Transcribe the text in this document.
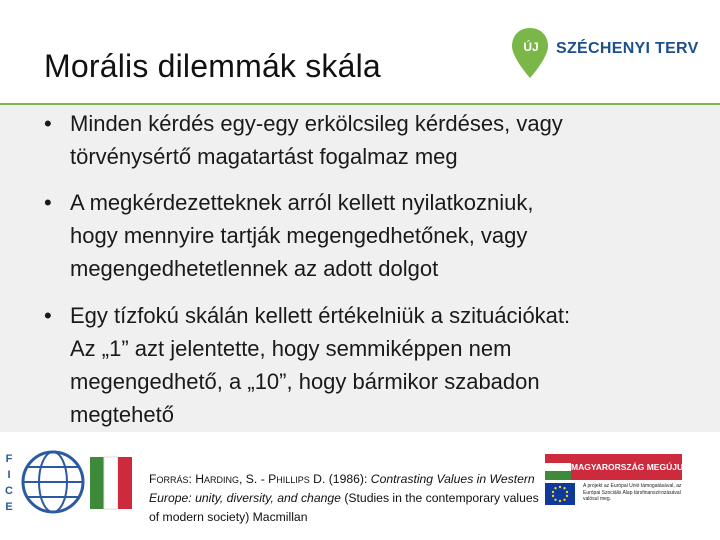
Morális dilemmák skála
ÚJ	SZÉCHENYI TERV
• Minden kérdés egy-egy erkölcsileg kérdéses, vagy
törvénysértő magatartást fogalmaz meg
• A megkérdezetteknek arról kellett nyilatkozniuk,
hogy mennyire tartják megengedhetőnek, vagy
megengedhetetlennek az adott dolgot
• Egy tízfokú skálán kellett értékelniük a szituációkat:
Az „1” azt jelentette, hogy semmiképpen nem
megengedhető, a „10”, hogy bármikor szabadon
megtehető
F
I
C
E
Forrás: Harding, S. - Phillips D. (1986): Contrasting Values in Western Europe: unity, diversity, and change (Studies in the contemporary values of modern society) Macmillan
MAGYARORSZÁG MEGÚJUL
A projekt az Európai Unió támogatásával, az Európai Szociális Alap társfinanszírozásával valósul meg.
